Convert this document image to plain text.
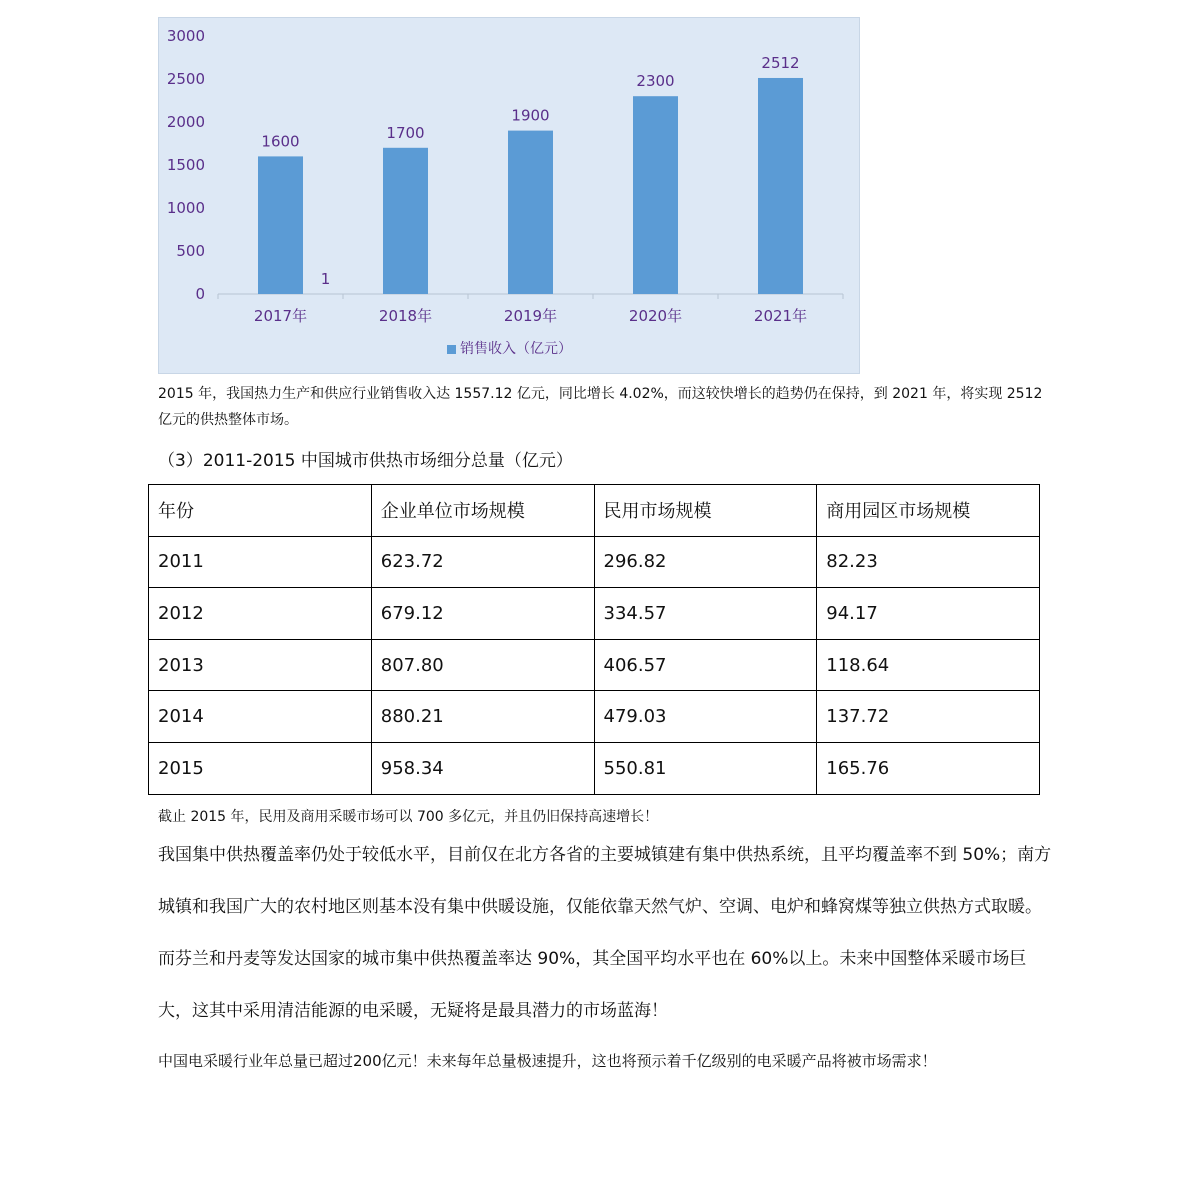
0
500
1000
1500
2000
2500
3000
1600
2017年
1700
2018年
1900
2019年
2300
2020年
2512
2021年
1
销售收入（亿元）
2015 年，我国热力生产和供应行业销售收入达 1557.12 亿元，同比增长 4.02%，而这较快增长的趋势仍在保持，到 2021 年，将实现 2512 亿元的供热整体市场。
（3）2011-2015 中国城市供热市场细分总量（亿元）
年份	企业单位市场规模	民用市场规模	商用园区市场规模
2011	623.72	296.82	82.23
2012	679.12	334.57	94.17
2013	807.80	406.57	118.64
2014	880.21	479.03	137.72
2015	958.34	550.81	165.76
截止 2015 年，民用及商用采暖市场可以 700 多亿元，并且仍旧保持高速增长！
我国集中供热覆盖率仍处于较低水平，目前仅在北方各省的主要城镇建有集中供热系统，且平均覆盖率不到 50%；南方城镇和我国广大的农村地区则基本没有集中供暖设施，仅能依靠天然气炉、空调、电炉和蜂窝煤等独立供热方式取暖。而芬兰和丹麦等发达国家的城市集中供热覆盖率达 90%，其全国平均水平也在 60%以上。未来中国整体采暖市场巨大，这其中采用清洁能源的电采暖，无疑将是最具潜力的市场蓝海！
中国电采暖行业年总量已超过200亿元！未来每年总量极速提升，这也将预示着千亿级别的电采暖产品将被市场需求！
